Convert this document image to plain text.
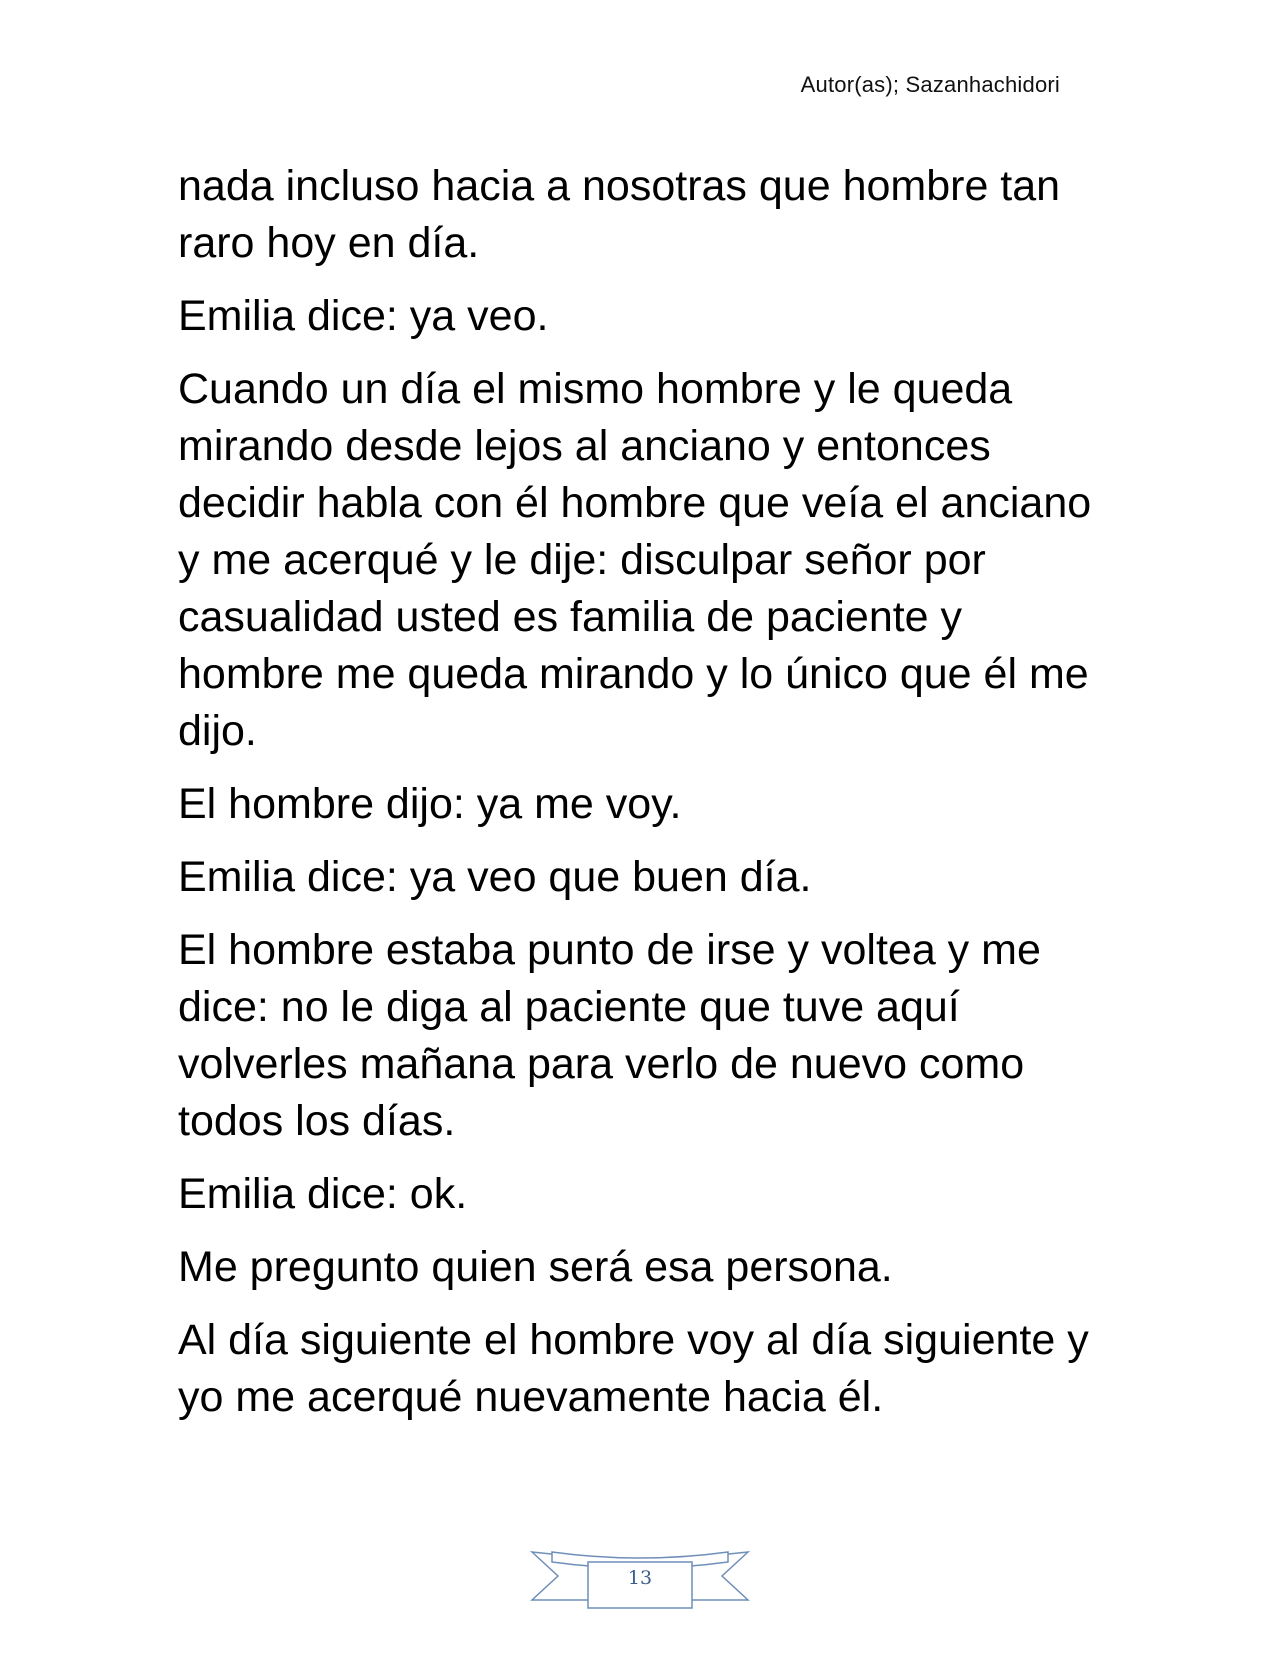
Autor(as); Sazanhachidori

nada incluso hacia a nosotras que hombre tan raro hoy en día.

Emilia dice: ya veo.

Cuando un día el mismo hombre y le queda mirando desde lejos al anciano y entonces decidir habla con él hombre que veía el anciano y me acerqué y le dije: disculpar señor por casualidad usted es familia de paciente y hombre me queda mirando y lo único que él me dijo.

El hombre dijo: ya me voy.

Emilia dice: ya veo que buen día.

El hombre estaba punto de irse y voltea y me dice: no le diga al paciente que tuve aquí volverles mañana para verlo de nuevo como todos los días.

Emilia dice: ok.

Me pregunto quien será esa persona.

Al día siguiente el hombre voy al día siguiente y yo me acerqué nuevamente hacia él.

13
